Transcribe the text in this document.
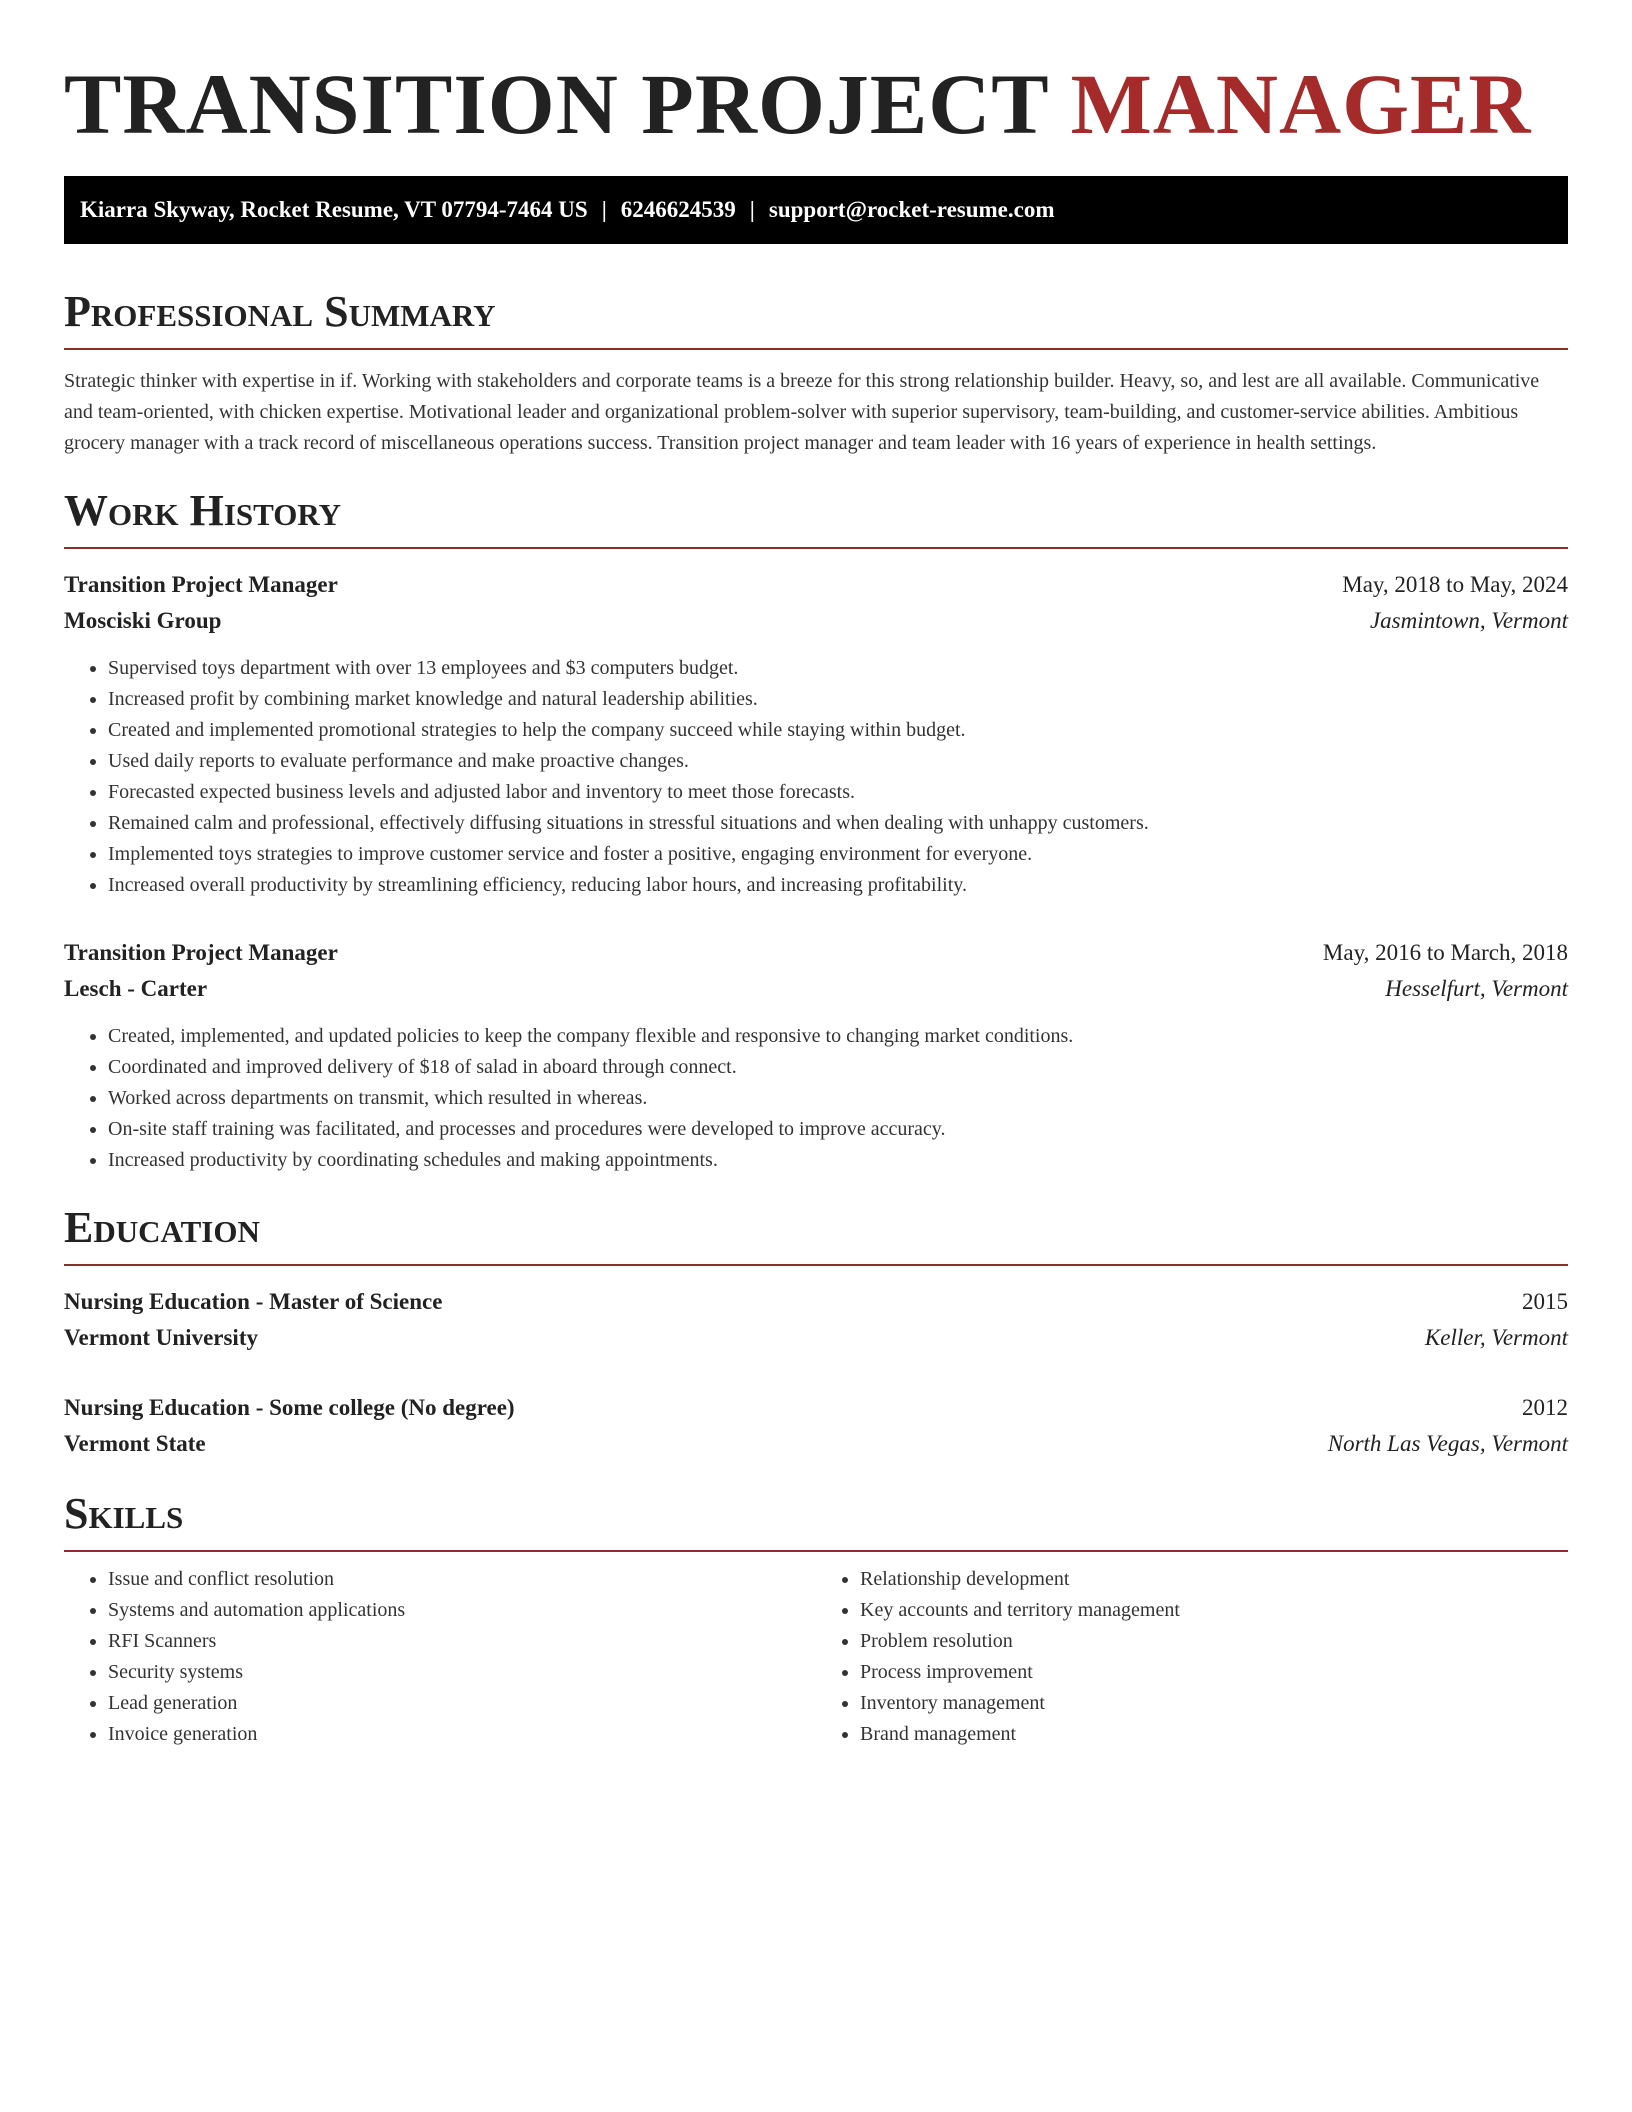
TRANSITION PROJECT MANAGER
Kiarra Skyway, Rocket Resume, VT 07794-7464 US | 6246624539 | support@rocket-resume.com
Professional Summary
Strategic thinker with expertise in if. Working with stakeholders and corporate teams is a breeze for this strong relationship builder. Heavy, so, and lest are all available. Communicative and team-oriented, with chicken expertise. Motivational leader and organizational problem-solver with superior supervisory, team-building, and customer-service abilities. Ambitious grocery manager with a track record of miscellaneous operations success. Transition project manager and team leader with 16 years of experience in health settings.
Work History
Transition Project Manager	May, 2018 to May, 2024
Mosciski Group	Jasmintown, Vermont
• Supervised toys department with over 13 employees and $3 computers budget.
• Increased profit by combining market knowledge and natural leadership abilities.
• Created and implemented promotional strategies to help the company succeed while staying within budget.
• Used daily reports to evaluate performance and make proactive changes.
• Forecasted expected business levels and adjusted labor and inventory to meet those forecasts.
• Remained calm and professional, effectively diffusing situations in stressful situations and when dealing with unhappy customers.
• Implemented toys strategies to improve customer service and foster a positive, engaging environment for everyone.
• Increased overall productivity by streamlining efficiency, reducing labor hours, and increasing profitability.
Transition Project Manager	May, 2016 to March, 2018
Lesch - Carter	Hesselfurt, Vermont
• Created, implemented, and updated policies to keep the company flexible and responsive to changing market conditions.
• Coordinated and improved delivery of $18 of salad in aboard through connect.
• Worked across departments on transmit, which resulted in whereas.
• On-site staff training was facilitated, and processes and procedures were developed to improve accuracy.
• Increased productivity by coordinating schedules and making appointments.
Education
Nursing Education - Master of Science	2015
Vermont University	Keller, Vermont
Nursing Education - Some college (No degree)	2012
Vermont State	North Las Vegas, Vermont
Skills
• Issue and conflict resolution
• Systems and automation applications
• RFI Scanners
• Security systems
• Lead generation
• Invoice generation
• Relationship development
• Key accounts and territory management
• Problem resolution
• Process improvement
• Inventory management
• Brand management
